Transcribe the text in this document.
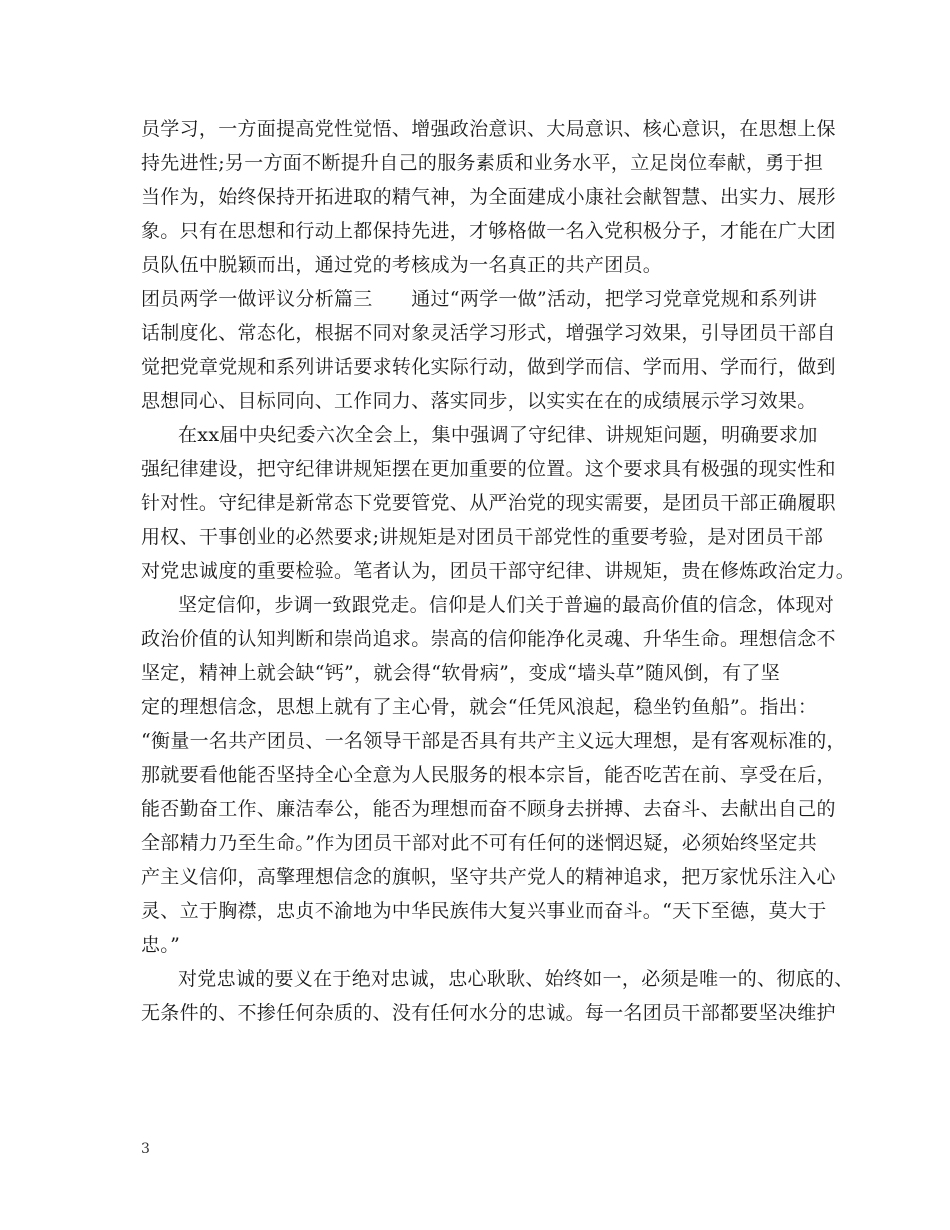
员学习，一方面提高党性觉悟、增强政治意识、大局意识、核心意识，在思想上保
持先进性;另一方面不断提升自己的服务素质和业务水平，立足岗位奉献，勇于担
当作为，始终保持开拓进取的精气神，为全面建成小康社会献智慧、出实力、展形
象。只有在思想和行动上都保持先进，才够格做一名入党积极分子，才能在广大团
员队伍中脱颖而出，通过党的考核成为一名真正的共产团员。
团员两学一做评议分析篇三　　通过“两学一做”活动，把学习党章党规和系列讲
话制度化、常态化，根据不同对象灵活学习形式，增强学习效果，引导团员干部自
觉把党章党规和系列讲话要求转化实际行动，做到学而信、学而用、学而行，做到
思想同心、目标同向、工作同力、落实同步，以实实在在的成绩展示学习效果。
在xx届中央纪委六次全会上，集中强调了守纪律、讲规矩问题，明确要求加
强纪律建设，把守纪律讲规矩摆在更加重要的位置。这个要求具有极强的现实性和
针对性。守纪律是新常态下党要管党、从严治党的现实需要，是团员干部正确履职
用权、干事创业的必然要求;讲规矩是对团员干部党性的重要考验，是对团员干部
对党忠诚度的重要检验。笔者认为，团员干部守纪律、讲规矩，贵在修炼政治定力。
坚定信仰，步调一致跟党走。信仰是人们关于普遍的最高价值的信念，体现对
政治价值的认知判断和崇尚追求。崇高的信仰能净化灵魂、升华生命。理想信念不
坚定，精神上就会缺“钙”，就会得“软骨病”，变成“墙头草”随风倒，有了坚
定的理想信念，思想上就有了主心骨，就会“任凭风浪起，稳坐钓鱼船”。指出：
“衡量一名共产团员、一名领导干部是否具有共产主义远大理想，是有客观标准的，
那就要看他能否坚持全心全意为人民服务的根本宗旨，能否吃苦在前、享受在后，
能否勤奋工作、廉洁奉公，能否为理想而奋不顾身去拼搏、去奋斗、去献出自己的
全部精力乃至生命。”作为团员干部对此不可有任何的迷惘迟疑，必须始终坚定共
产主义信仰，高擎理想信念的旗帜，坚守共产党人的精神追求，把万家忧乐注入心
灵、立于胸襟，忠贞不渝地为中华民族伟大复兴事业而奋斗。“天下至德，莫大于
忠。”
对党忠诚的要义在于绝对忠诚，忠心耿耿、始终如一，必须是唯一的、彻底的、
无条件的、不掺任何杂质的、没有任何水分的忠诚。每一名团员干部都要坚决维护
3
